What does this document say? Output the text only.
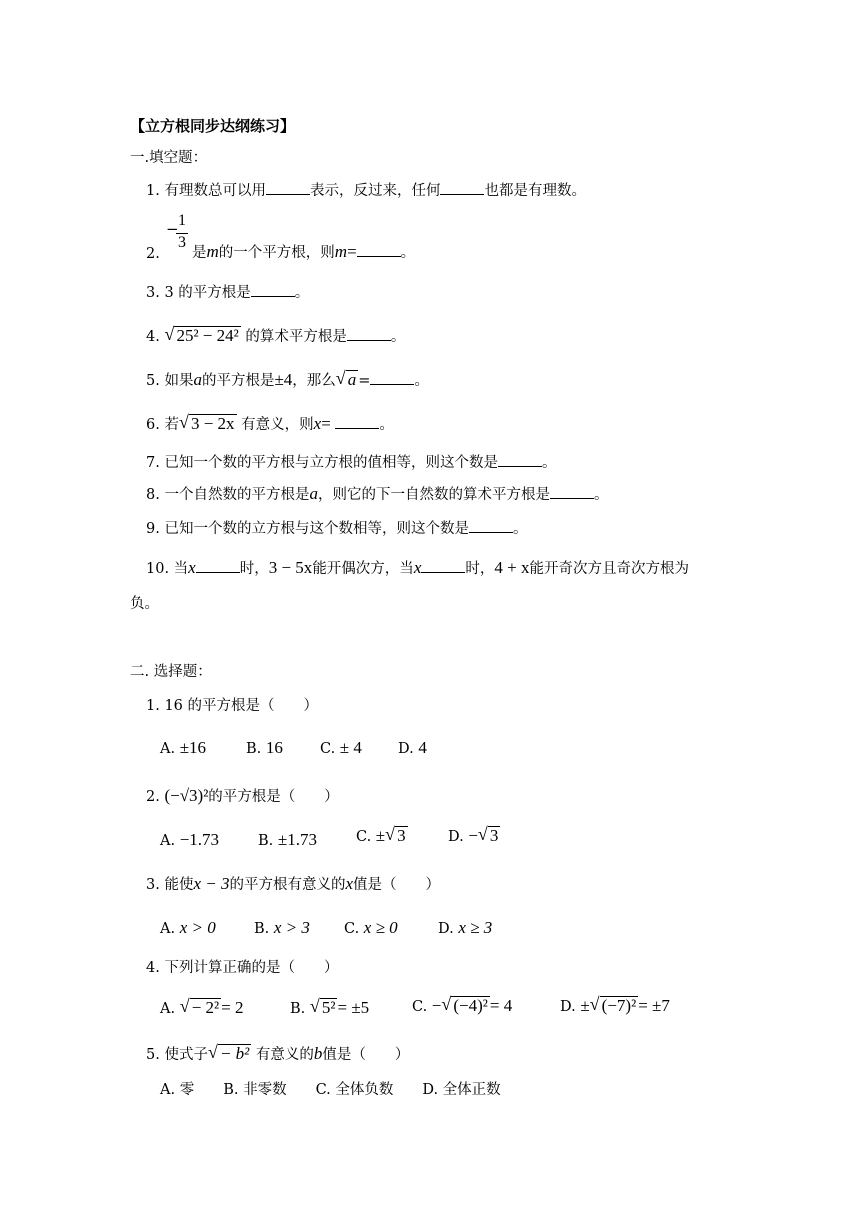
【立方根同步达纲练习】
一.填空题：
1. 有理数总可以用	表示，反过来，任何	也都是有理数。
− 1
3
2. 是m的一个平方根，则m=	。
3. 3 的平方根是	。
4. √ 25² − 24² 的算术平方根是	。
5. 如果a的平方根是±4，那么 √ a =	。
6. 若 √ 3 − 2x 有意义，则x=	。
7. 已知一个数的平方根与立方根的值相等，则这个数是	。
8. 一个自然数的平方根是a，则它的下一自然数的算术平方根是	。
9. 已知一个数的立方根与这个数相等，则这个数是	。
10. 当x	时，3 − 5x能开偶次方，当x	时，4 + x能开奇次方且奇次方根为
负。
二. 选择题：
1. 16 的平方根是（　　）
A. ±16	B. 16	C. ± 4 D. 4
2. (−√3)²的平方根是（　　）
A. −1.73	B. ±1.73	C. ± √ 3	D. − √ 3
3. 能使x − 3的平方根有意义的x值是（　　）
A. x > 0	B. x > 3 C. x ≥ 0	D. x ≥ 3
4. 下列计算正确的是（　　）
A. √ − 2² = 2	B. √ 5² = ±5	C. − √ (−4)² = 4	D. ± √ (−7)² = ±7
5. 使式子 √ − b² 有意义的b值是（　　）
A. 零　　B. 非零数　　C. 全体负数　　D. 全体正数
